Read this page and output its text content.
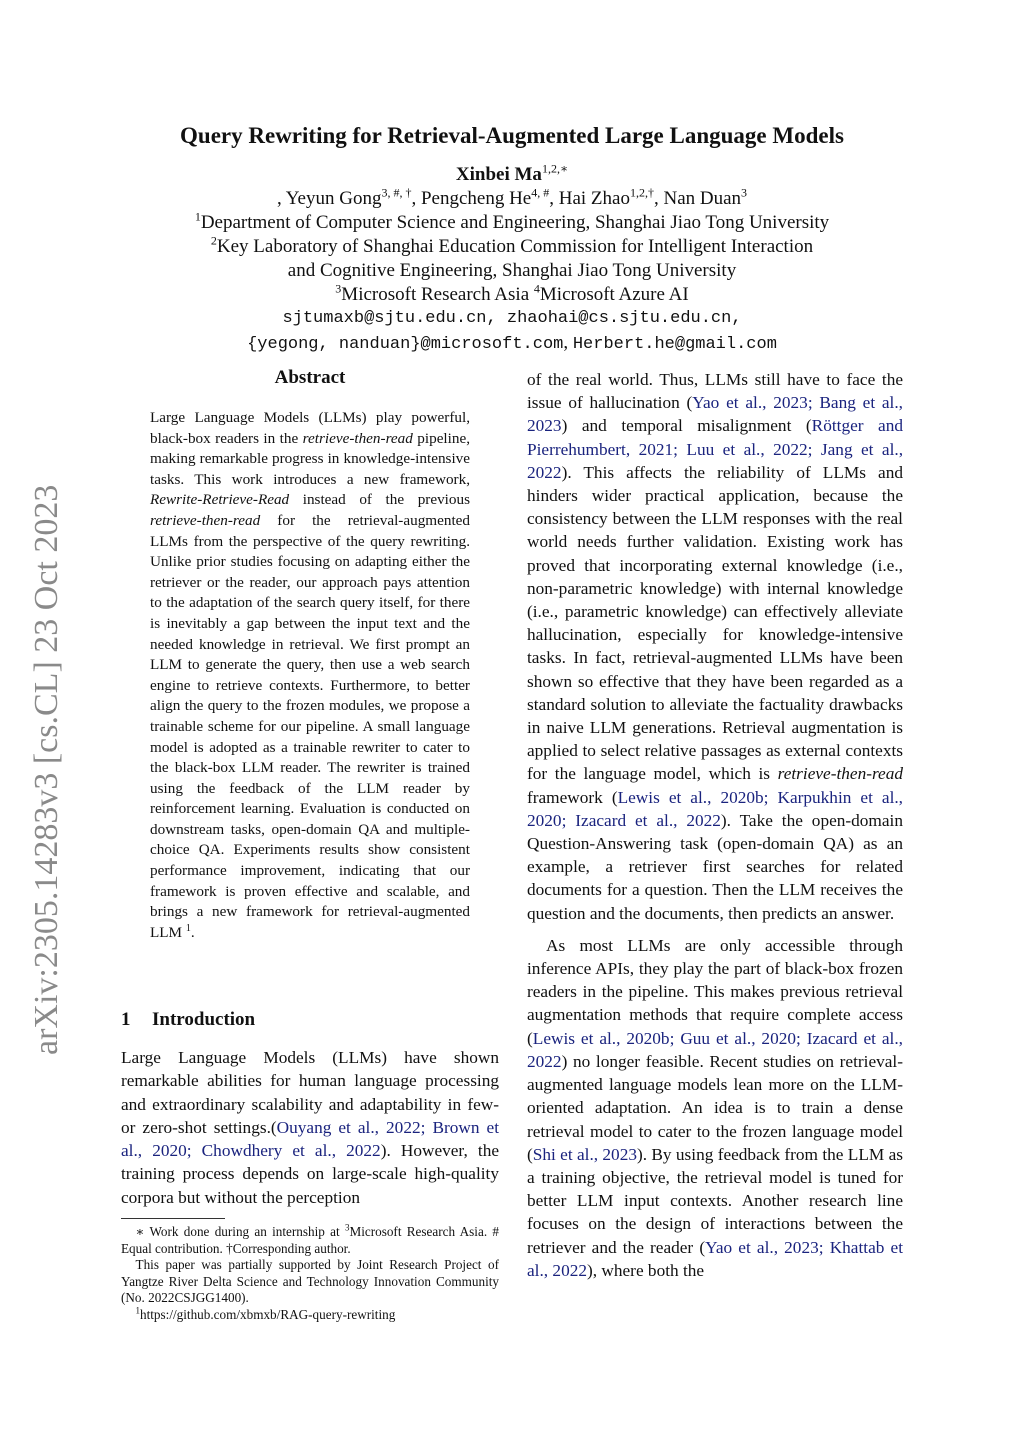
arXiv:2305.14283v3 [cs.CL] 23 Oct 2023
Query Rewriting for Retrieval-Augmented Large Language Models
Xinbei $Ma^{1,2,∗}$
, Yeyun Gong$^{3, \#, \dagger}$, Pengcheng $He^{4, \#}$, Hai Zhao$^{1,2,\dagger}$, Nan Duan$^3$
$^1$Department of Computer Science and Engineering, Shanghai Jiao Tong University
$^2$Key Laboratory of Shanghai Education Commission for Intelligent Interaction
and Cognitive Engineering, Shanghai Jiao Tong University
$^3$Microsoft Research Asia $^4$Microsoft Azure AI
sjtumaxb@sjtu.edu.cn, zhaohai@cs.sjtu.edu.cn,
{yegong, nanduan}@microsoft.com, Herbert.he@gmail.com
Abstract
Large Language Models (LLMs) play powerful, black-box readers in the retrieve-then-read pipeline, making remarkable progress in knowledge-intensive tasks. This work introduces a new framework, Rewrite-Retrieve-Read instead of the previous retrieve-then-read for the retrieval-augmented LLMs from the perspective of the query rewriting. Unlike prior studies focusing on adapting either the retriever or the reader, our approach pays attention to the adaptation of the search query itself, for there is inevitably a gap between the input text and the needed knowledge in retrieval. We first prompt an LLM to generate the query, then use a web search engine to retrieve contexts. Furthermore, to better align the query to the frozen modules, we propose a trainable scheme for our pipeline. A small language model is adopted as a trainable rewriter to cater to the black-box LLM reader. The rewriter is trained using the feedback of the LLM reader by reinforcement learning. Evaluation is conducted on downstream tasks, open-domain QA and multiple-choice QA. Experiments results show consistent performance improvement, indicating that our framework is proven effective and scalable, and brings a new framework for retrieval-augmented LLM $^1$.
1 Introduction
Large Language Models (LLMs) have shown remarkable abilities for human language processing and extraordinary scalability and adaptability in few- or zero-shot settings.(Ouyang et al., 2022; Brown et al., 2020; Chowdhery et al., 2022). However, the training process depends on large-scale high-quality corpora but without the perception

∗ Work done during an internship at $^3$Microsoft Research Asia. # Equal contribution. †Corresponding author.

This paper was partially supported by Joint Research Project of Yangtze River Delta Science and Technology Innovation Community (No. 2022CSJGG1400).

$^1$https://github.com/xbmxb/RAG-query-rewriting

of the real world. Thus, LLMs still have to face the issue of hallucination (Yao et al., 2023; Bang et al., 2023) and temporal misalignment (Röttger and Pierrehumbert, 2021; Luu et al., 2022; Jang et al., 2022). This affects the reliability of LLMs and hinders wider practical application, because the consistency between the LLM responses with the real world needs further validation. Existing work has proved that incorporating external knowledge (i.e., non-parametric knowledge) with internal knowledge (i.e., parametric knowledge) can effectively alleviate hallucination, especially for knowledge-intensive tasks. In fact, retrieval-augmented LLMs have been shown so effective that they have been regarded as a standard solution to alleviate the factuality drawbacks in naive LLM generations. Retrieval augmentation is applied to select relative passages as external contexts for the language model, which is retrieve-then-read framework (Lewis et al., 2020b; Karpukhin et al., 2020; Izacard et al., 2022). Take the open-domain Question-Answering task (open-domain QA) as an example, a retriever first searches for related documents for a question. Then the LLM receives the question and the documents, then predicts an answer.

As most LLMs are only accessible through inference APIs, they play the part of black-box frozen readers in the pipeline. This makes previous retrieval augmentation methods that require complete access (Lewis et al., 2020b; Guu et al., 2020; Izacard et al., 2022) no longer feasible. Recent studies on retrieval-augmented language models lean more on the LLM-oriented adaptation. An idea is to train a dense retrieval model to cater to the frozen language model (Shi et al., 2023). By using feedback from the LLM as a training objective, the retrieval model is tuned for better LLM input contexts. Another research line focuses on the design of interactions between the retriever and the reader (Yao et al., 2023; Khattab et al., 2022), where both the
